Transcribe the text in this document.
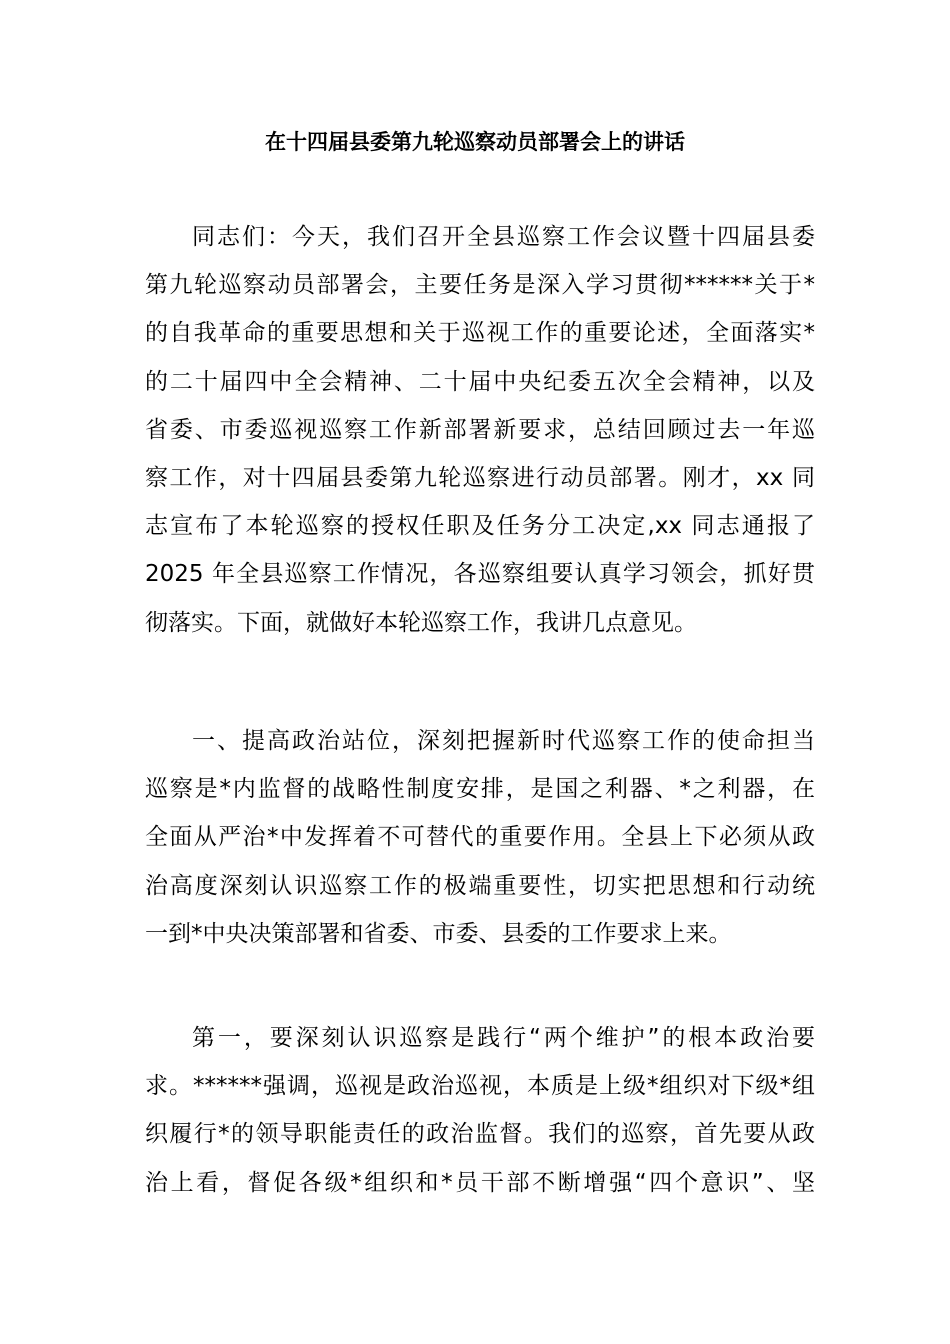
在十四届县委第九轮巡察动员部署会上的讲话
同志们：今天，我们召开全县巡察工作会议暨十四届县委
第九轮巡察动员部署会，主要任务是深入学习贯彻******关于*
的自我革命的重要思想和关于巡视工作的重要论述，全面落实*
的二十届四中全会精神、二十届中央纪委五次全会精神，以及
省委、市委巡视巡察工作新部署新要求，总结回顾过去一年巡
察工作，对十四届县委第九轮巡察进行动员部署。刚才，xx 同
志宣布了本轮巡察的授权任职及任务分工决定,xx 同志通报了
2025 年全县巡察工作情况，各巡察组要认真学习领会，抓好贯
彻落实。下面，就做好本轮巡察工作，我讲几点意见。
一、提高政治站位，深刻把握新时代巡察工作的使命担当
巡察是*内监督的战略性制度安排，是国之利器、*之利器，在
全面从严治*中发挥着不可替代的重要作用。全县上下必须从政
治高度深刻认识巡察工作的极端重要性，切实把思想和行动统
一到*中央决策部署和省委、市委、县委的工作要求上来。
第一，要深刻认识巡察是践行“两个维护”的根本政治要
求。******强调，巡视是政治巡视，本质是上级*组织对下级*组
织履行*的领导职能责任的政治监督。我们的巡察，首先要从政
治上看，督促各级*组织和*员干部不断增强“四个意识”、坚
